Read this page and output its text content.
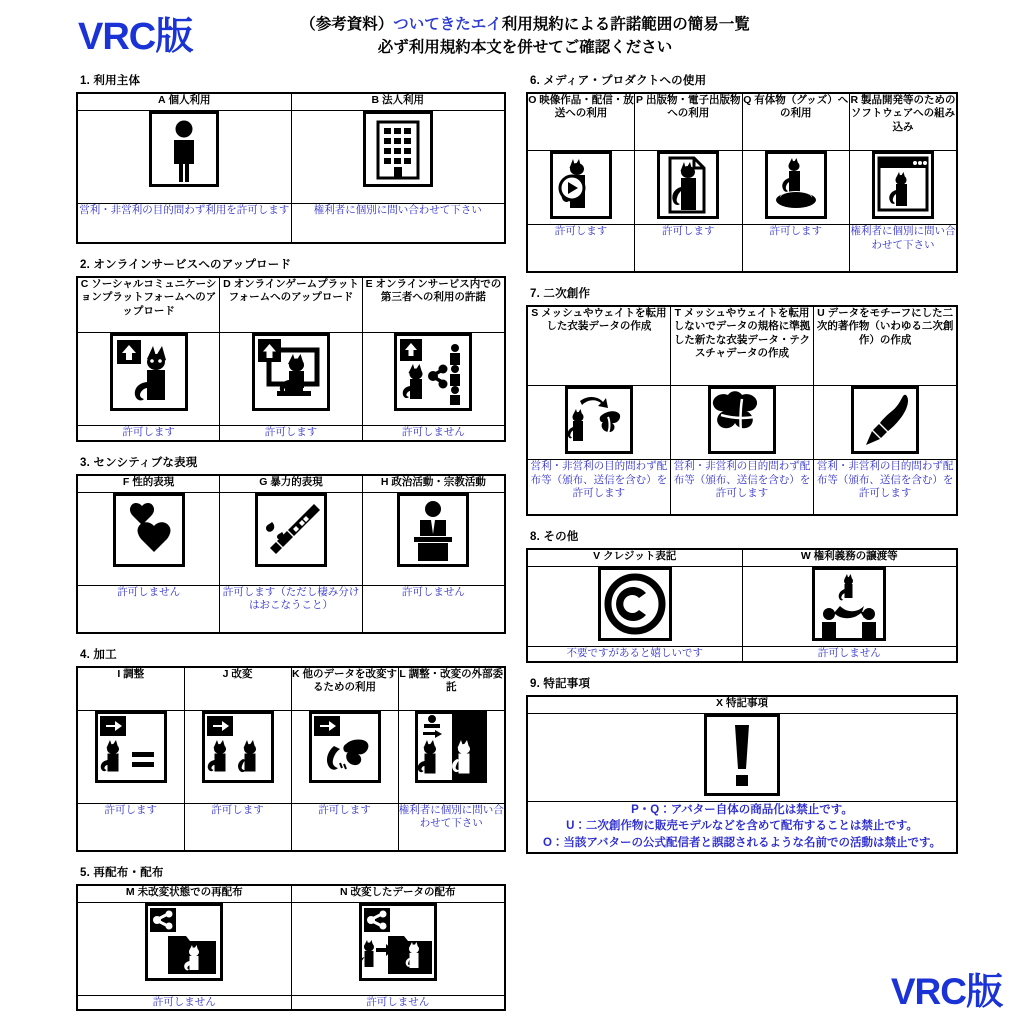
VRC版	（参考資料）ついてきたエイ利用規約による許諾範囲の簡易一覧
必ず利用規約本文を併せてご確認ください
1. 利用主体
A 個人利用	B 法人利用

営利・非営利の目的問わず利用を許可します	権利者に個別に問い合わせて下さい
2. オンラインサービスへのアップロード
C ソーシャルコミュニケーションプラットフォームへのアップロード	D オンラインゲームプラットフォームへのアップロード	E オンラインサービス内での第三者への利用の許諾

許可します	許可します	許可しません
3. センシティブな表現
F 性的表現	G 暴力的表現	H 政治活動・宗教活動

許可しません	許可します（ただし棲み分けはおこなうこと）	許可しません
4. 加工
I 調整	J 改変	K 他のデータを改変するための利用	L 調整・改変の外部委託

許可します	許可します	許可します	権利者に個別に問い合わせて下さい
5. 再配布・配布
M 未改変状態での再配布	N 改変したデータの配布

許可しません	許可しません
6. メディア・プロダクトへの使用
O 映像作品・配信・放送への利用	P 出版物・電子出版物への利用	Q 有体物（グッズ）への利用	R 製品開発等のためのソフトウェアへの組み込み

許可します	許可します	許可します	権利者に個別に問い合わせて下さい
7. 二次創作
S メッシュやウェイトを転用した衣装データの作成	T メッシュやウェイトを転用しないでデータの規格に準拠した新たな衣装データ・テクスチャデータの作成	U データをモチーフにした二次的著作物（いわゆる二次創作）の作成

営利・非営利の目的問わず配布等（頒布、送信を含む）を許可します	営利・非営利の目的問わず配布等（頒布、送信を含む）を許可します	営利・非営利の目的問わず配布等（頒布、送信を含む）を許可します
8. その他
V クレジット表記	W 権利義務の譲渡等

不要ですがあると嬉しいです	許可しません
9. 特記事項
X 特記事項

P・Q：アバター自体の商品化は禁止です。
U：二次創作物に販売モデルなどを含めて配布することは禁止です。
O：当該アバターの公式配信者と誤認されるような名前での活動は禁止です。
VRC版
